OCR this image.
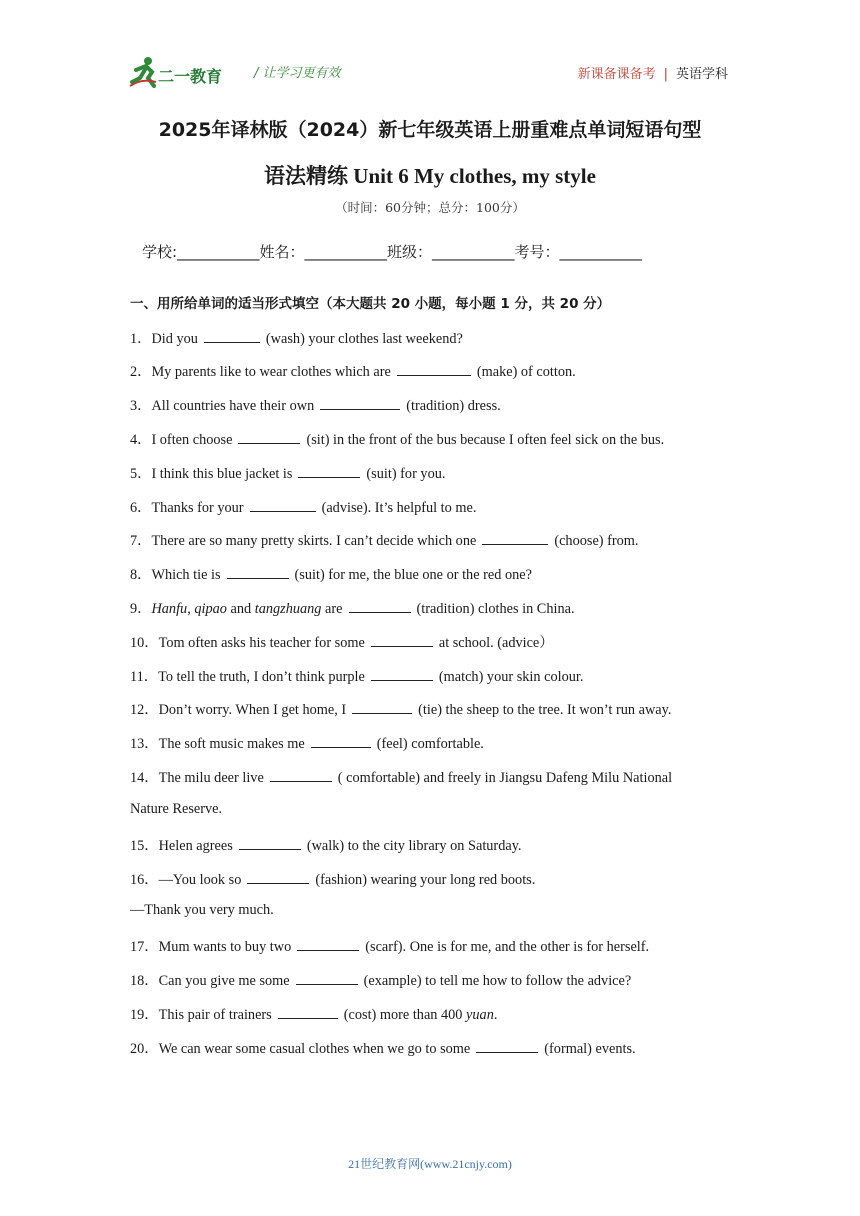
二一教育 / 让学习更有效	新课备课备考 | 英语学科
2025年译林版（2024）新七年级英语上册重难点单词短语句型
语法精练 Unit 6 My clothes, my style
（时间：60分钟；总分：100分）
学校:___________姓名：___________班级：___________考号：___________
一、用所给单词的适当形式填空（本大题共 20 小题，每小题 1 分，共 20 分）
1．Did you	(wash) your clothes last weekend?
2．My parents like to wear clothes which are	(make) of cotton.
3．All countries have their own	(tradition) dress.
4．I often choose	(sit) in the front of the bus because I often feel sick on the bus.
5．I think this blue jacket is	(suit) for you.
6．Thanks for your	(advise). It’s helpful to me.
7．There are so many pretty skirts. I can’t decide which one	(choose) from.
8．Which tie is	(suit) for me, the blue one or the red one?
9．Hanfu, qipao and tangzhuang are	(tradition) clothes in China.
10．Tom often asks his teacher for some	at school. (advice）
11．To tell the truth, I don’t think purple	(match) your skin colour.
12．Don’t worry. When I get home, I	(tie) the sheep to the tree. It won’t run away.
13．The soft music makes me	(feel) comfortable.
14．The milu deer live	( comfortable) and freely in Jiangsu Dafeng Milu National
Nature Reserve.
15．Helen agrees	(walk) to the city library on Saturday.
16．—You look so	(fashion) wearing your long red boots.
—Thank you very much.
17．Mum wants to buy two	(scarf). One is for me, and the other is for herself.
18．Can you give me some	(example) to tell me how to follow the advice?
19．This pair of trainers	(cost) more than 400 yuan.
20．We can wear some casual clothes when we go to some	(formal) events.
21世纪教育网(www.21cnjy.com)
